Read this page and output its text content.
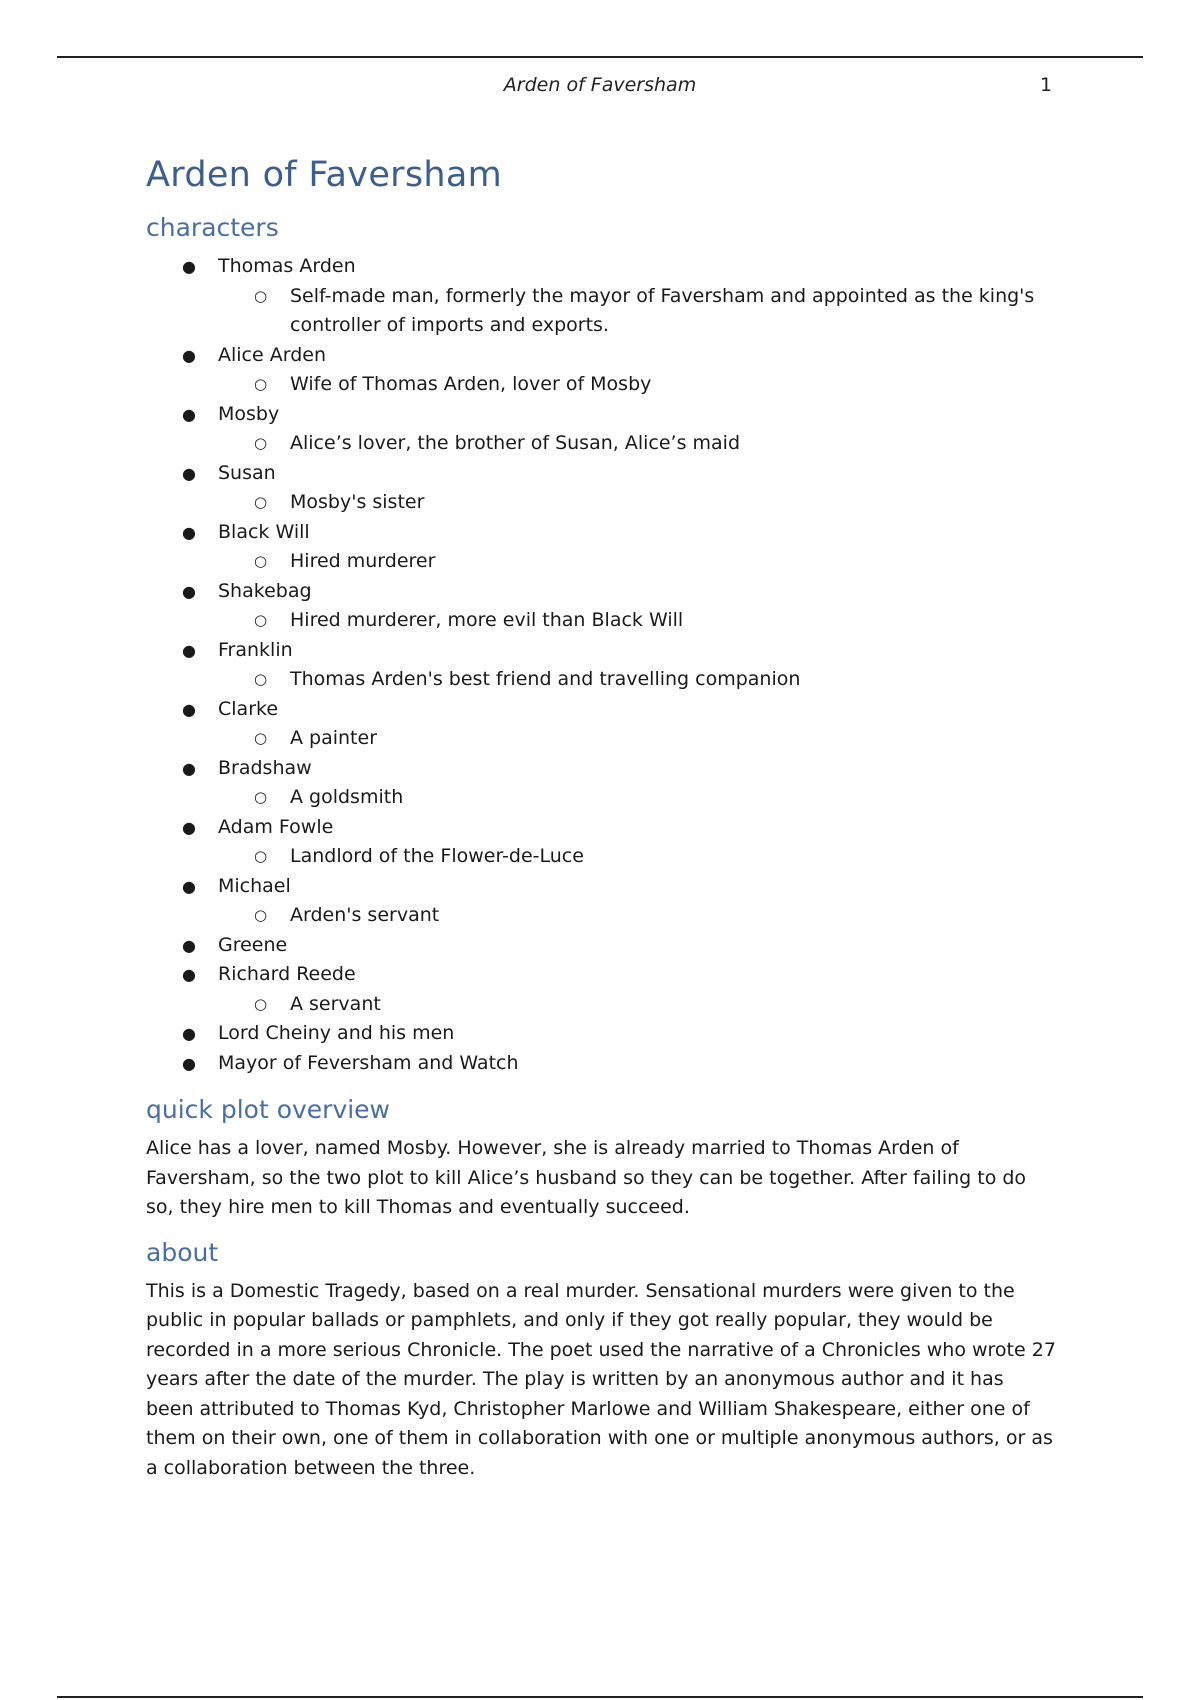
Arden of Faversham	1
Arden of Faversham
characters
● Thomas Arden
○ Self-made man, formerly the mayor of Faversham and appointed as the king's controller of imports and exports.
● Alice Arden
○ Wife of Thomas Arden, lover of Mosby
● Mosby
○ Alice’s lover, the brother of Susan, Alice’s maid
● Susan
○ Mosby's sister
● Black Will
○ Hired murderer
● Shakebag
○ Hired murderer, more evil than Black Will
● Franklin
○ Thomas Arden's best friend and travelling companion
● Clarke
○ A painter
● Bradshaw
○ A goldsmith
● Adam Fowle
○ Landlord of the Flower-de-Luce
● Michael
○ Arden's servant
● Greene
● Richard Reede
○ A servant
● Lord Cheiny and his men
● Mayor of Feversham and Watch
quick plot overview

Alice has a lover, named Mosby. However, she is already married to Thomas Arden of Faversham, so the two plot to kill Alice’s husband so they can be together. After failing to do so, they hire men to kill Thomas and eventually succeed.

about

This is a Domestic Tragedy, based on a real murder. Sensational murders were given to the public in popular ballads or pamphlets, and only if they got really popular, they would be recorded in a more serious Chronicle. The poet used the narrative of a Chronicles who wrote 27 years after the date of the murder. The play is written by an anonymous author and it has been attributed to Thomas Kyd, Christopher Marlowe and William Shakespeare, either one of them on their own, one of them in collaboration with one or multiple anonymous authors, or as a collaboration between the three.
